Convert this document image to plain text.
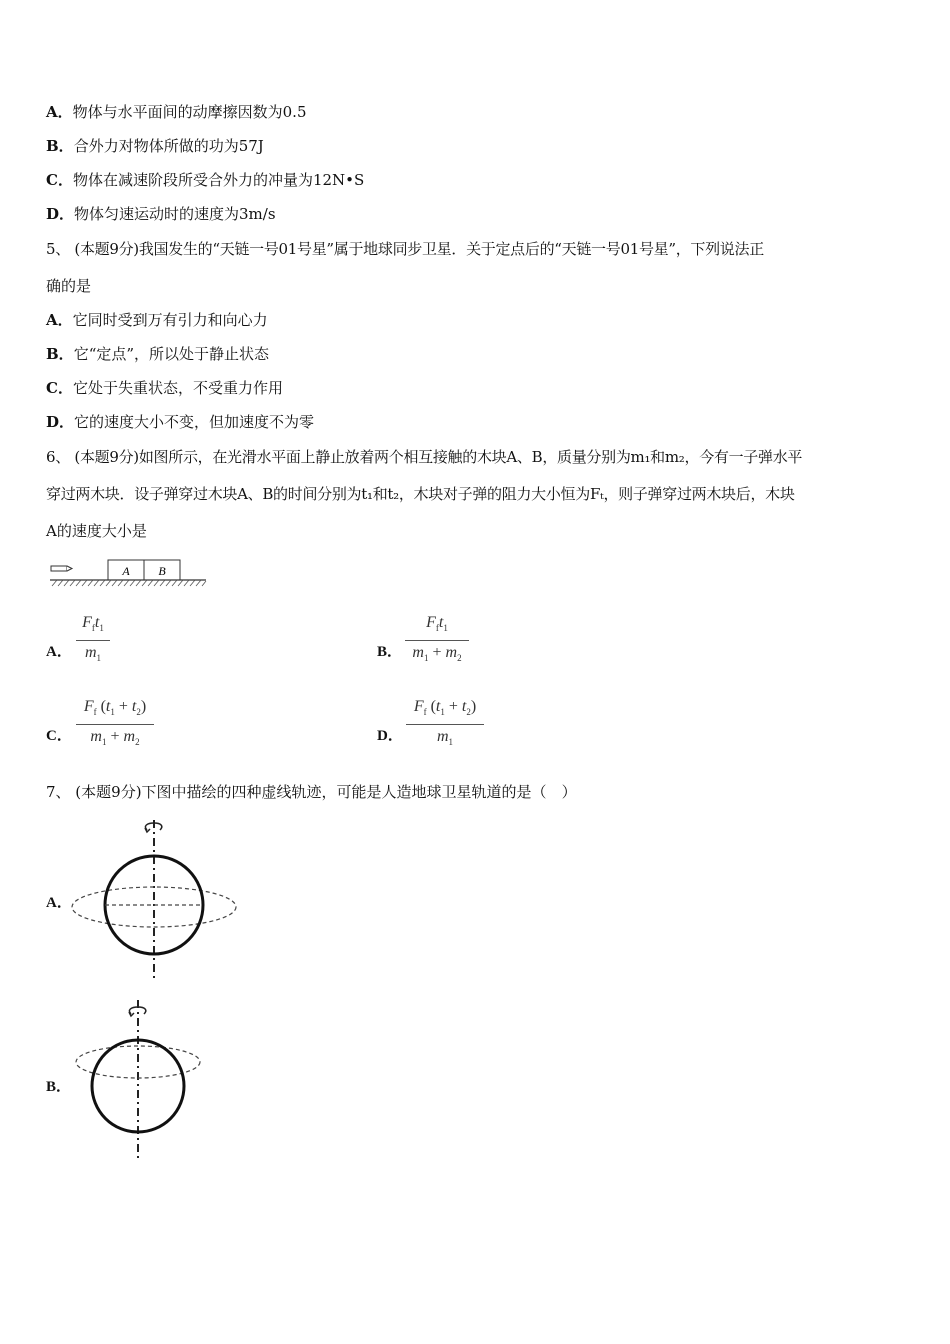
A．物体与水平面间的动摩擦因数为0.5
B．合外力对物体所做的功为57J
C．物体在减速阶段所受合外力的冲量为12N•S
D．物体匀速运动时的速度为3m/s
5、 (本题9分)我国发生的“天链一号01号星”属于地球同步卫星．关于定点后的“天链一号01号星”，下列说法正
确的是
A．它同时受到万有引力和向心力
B．它“定点”，所以处于静止状态
C．它处于失重状态，不受重力作用
D．它的速度大小不变，但加速度不为零
6、 (本题9分)如图所示，在光滑水平面上静止放着两个相互接触的木块A、B，质量分别为m₁和m₂，今有一子弹水平
穿过两木块．设子弹穿过木块A、B的时间分别为t₁和t₂，木块对子弹的阻力大小恒为Fₜ，则子弹穿过两木块后，木块
A的速度大小是
A B
A．
$F_ft_1$
$m_1$	B．
$F_ft_1$
$m_1 + m_2$
C．
$F_f$ $(t_1 + t_2)$
$m_1 + m_2$	D．
$F_f$ $(t_1 + t_2)$
$m_1$
7、 (本题9分)下图中描绘的四种虚线轨迹，可能是人造地球卫星轨道的是（　）
A．
B．
